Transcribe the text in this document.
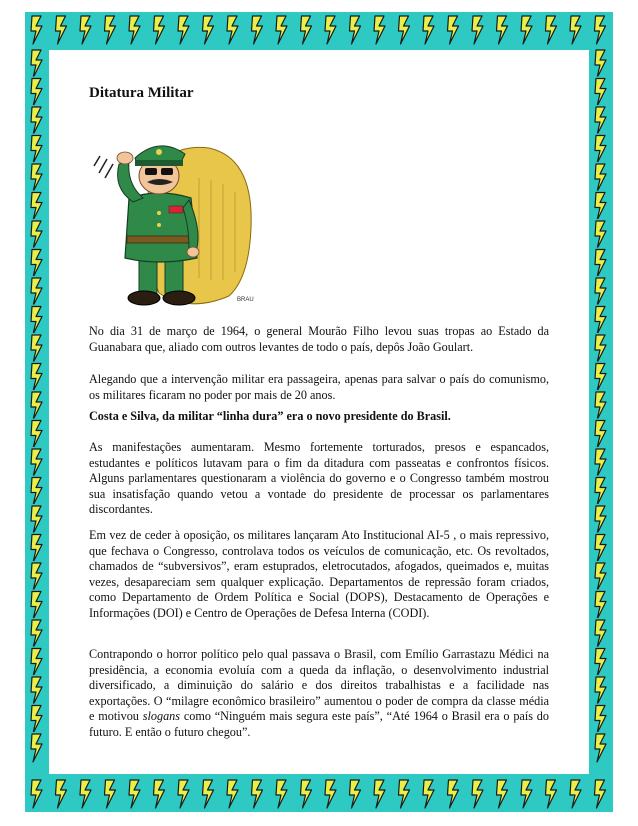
Ditatura Militar
BRAU

No dia 31 de março de 1964, o general Mourão Filho levou suas tropas ao Estado da Guanabara que, aliado com outros levantes de todo o país, depôs João Goulart.

Alegando que a intervenção militar era passageira, apenas para salvar o país do comunismo, os militares ficaram no poder por mais de 20 anos.

Costa e Silva, da militar “linha dura” era o novo presidente do Brasil.

As manifestações aumentaram. Mesmo fortemente torturados, presos e espancados, estudantes e políticos lutavam para o fim da ditadura com passeatas e confrontos físicos. Alguns parlamentares questionaram a violência do governo e o Congresso também mostrou sua insatisfação quando vetou a vontade do presidente de processar os parlamentares discordantes.

Em vez de ceder à oposição, os militares lançaram Ato Institucional AI-5 , o mais repressivo, que fechava o Congresso, controlava todos os veículos de comunicação, etc. Os revoltados, chamados de “subversivos”, eram estuprados, eletrocutados, afogados, queimados e, muitas vezes, desapareciam sem qualquer explicação. Departamentos de repressão foram criados, como Departamento de Ordem Política e Social (DOPS), Destacamento de Operações e Informações (DOI) e Centro de Operações de Defesa Interna (CODI).

Contrapondo o horror político pelo qual passava o Brasil, com Emílio Garrastazu Médici na presidência, a economia evoluía com a queda da inflação, o desenvolvimento industrial diversificado, a diminuição do salário e dos direitos trabalhistas e a facilidade nas exportações. O “milagre econômico brasileiro” aumentou o poder de compra da classe média e motivou slogans como “Ninguém mais segura este país”, “Até 1964 o Brasil era o país do futuro. E então o futuro chegou”.
